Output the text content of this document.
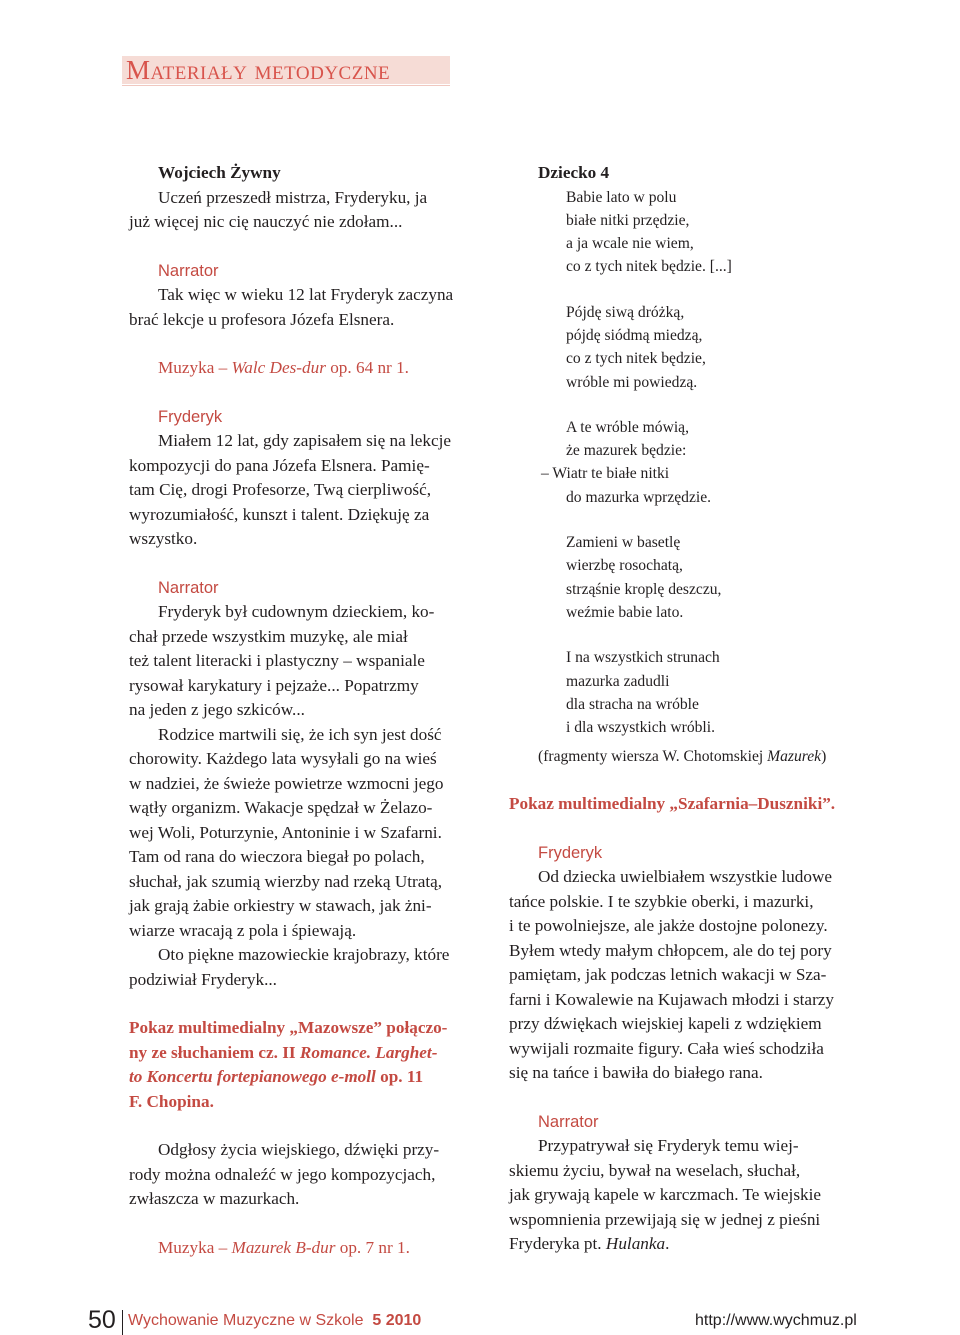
Materiały metodyczne

Wojciech Żywny

Uczeń przeszedł mistrza, Fryderyku, ja

już więcej nic cię nauczyć nie zdołam...

Narrator

Tak więc w wieku 12 lat Fryderyk zaczyna

brać lekcje u profesora Józefa Elsnera.

Muzyka – Walc Des-dur op. 64 nr 1.

Fryderyk

Miałem 12 lat, gdy zapisałem się na lekcje

kompozycji do pana Józefa Elsnera. Pamię-

tam Cię, drogi Profesorze, Twą cierpliwość,

wyrozumiałość, kunszt i talent. Dziękuję za

wszystko.

Narrator

Fryderyk był cudownym dzieckiem, ko-

chał przede wszystkim muzykę, ale miał

też talent literacki i plastyczny – wspaniale

rysował karykatury i pejzaże... Popatrzmy

na jeden z jego szkiców...

Rodzice martwili się, że ich syn jest dość

chorowity. Każdego lata wysyłali go na wieś

w nadziei, że świeże powietrze wzmocni jego

wątły organizm. Wakacje spędzał w Żelazo-

wej Woli, Poturzynie, Antoninie i w Szafarni.

Tam od rana do wieczora biegał po polach,

słuchał, jak szumią wierzby nad rzeką Utratą,

jak grają żabie orkiestry w stawach, jak żni-

wiarze wracają z pola i śpiewają.

Oto piękne mazowieckie krajobrazy, które

podziwiał Fryderyk...

Pokaz multimedialny „Mazowsze” połączo-

ny ze słuchaniem cz. II Romance. Larghet-

to Koncertu fortepianowego e-moll op. 11

F. Chopina.

Odgłosy życia wiejskiego, dźwięki przy-

rody można odnaleźć w jego kompozycjach,

zwłaszcza w mazurkach.

Muzyka – Mazurek B-dur op. 7 nr 1.

Dziecko 4

Babie lato w polu
białe nitki przędzie,
a ja wcale nie wiem,
co z tych nitek będzie. [...]
Pójdę siwą dróżką,
pójdę siódmą miedzą,
co z tych nitek będzie,
wróble mi powiedzą.
A te wróble mówią,
że mazurek będzie:
– Wiatr te białe nitki
do mazurka wprzędzie.
Zamieni w basetlę
wierzbę rosochatą,
strząśnie kroplę deszczu,
weźmie babie lato.
I na wszystkich strunach
mazurka zadudli
dla stracha na wróble
i dla wszystkich wróbli.

(fragmenty wiersza W. Chotomskiej Mazurek)

Pokaz multimedialny „Szafarnia–Duszniki”.

Fryderyk

Od dziecka uwielbiałem wszystkie ludowe

tańce polskie. I te szybkie oberki, i mazurki,

i te powolniejsze, ale jakże dostojne polonezy.

Byłem wtedy małym chłopcem, ale do tej pory

pamiętam, jak podczas letnich wakacji w Sza-

farni i Kowalewie na Kujawach młodzi i starzy

przy dźwiękach wiejskiej kapeli z wdziękiem

wywijali rozmaite figury. Cała wieś schodziła

się na tańce i bawiła do białego rana.

Narrator

Przypatrywał się Fryderyk temu wiej-

skiemu życiu, bywał na weselach, słuchał,

jak grywają kapele w karczmach. Te wiejskie

wspomnienia przewijają się w jednej z pieśni

Fryderyka pt. Hulanka.

50 Wychowanie Muzyczne w Szkole 5 2010	http://www.wychmuz.pl
